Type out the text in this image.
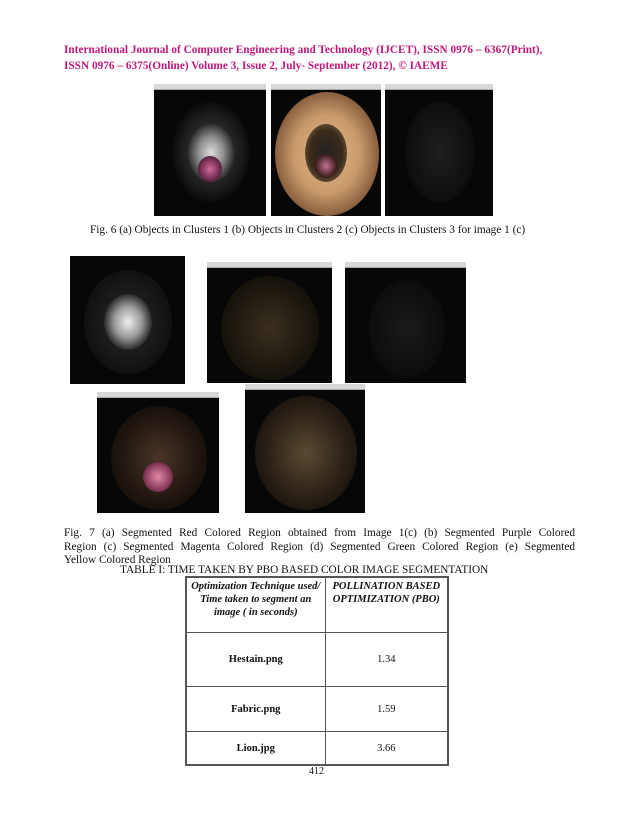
International Journal of Computer Engineering and Technology (IJCET), ISSN 0976 – 6367(Print),
ISSN 0976 – 6375(Online) Volume 3, Issue 2, July- September (2012), © IAEME
Fig. 6 (a) Objects in Clusters 1 (b) Objects in Clusters 2 (c) Objects in Clusters 3 for image 1 (c)
Fig. 7 (a) Segmented Red Colored Region obtained from Image 1(c) (b) Segmented Purple Colored
Region (c) Segmented Magenta Colored Region (d) Segmented Green Colored Region (e) Segmented
Yellow Colored Region
TABLE I: TIME TAKEN BY PBO BASED COLOR IMAGE SEGMENTATION
Optimization Technique used/ Time taken to segment an image ( in seconds)	POLLINATION BASED OPTIMIZATION (PBO)
Hestain.png	1.34
Fabric.png	1.59
Lion.jpg	3.66
412
